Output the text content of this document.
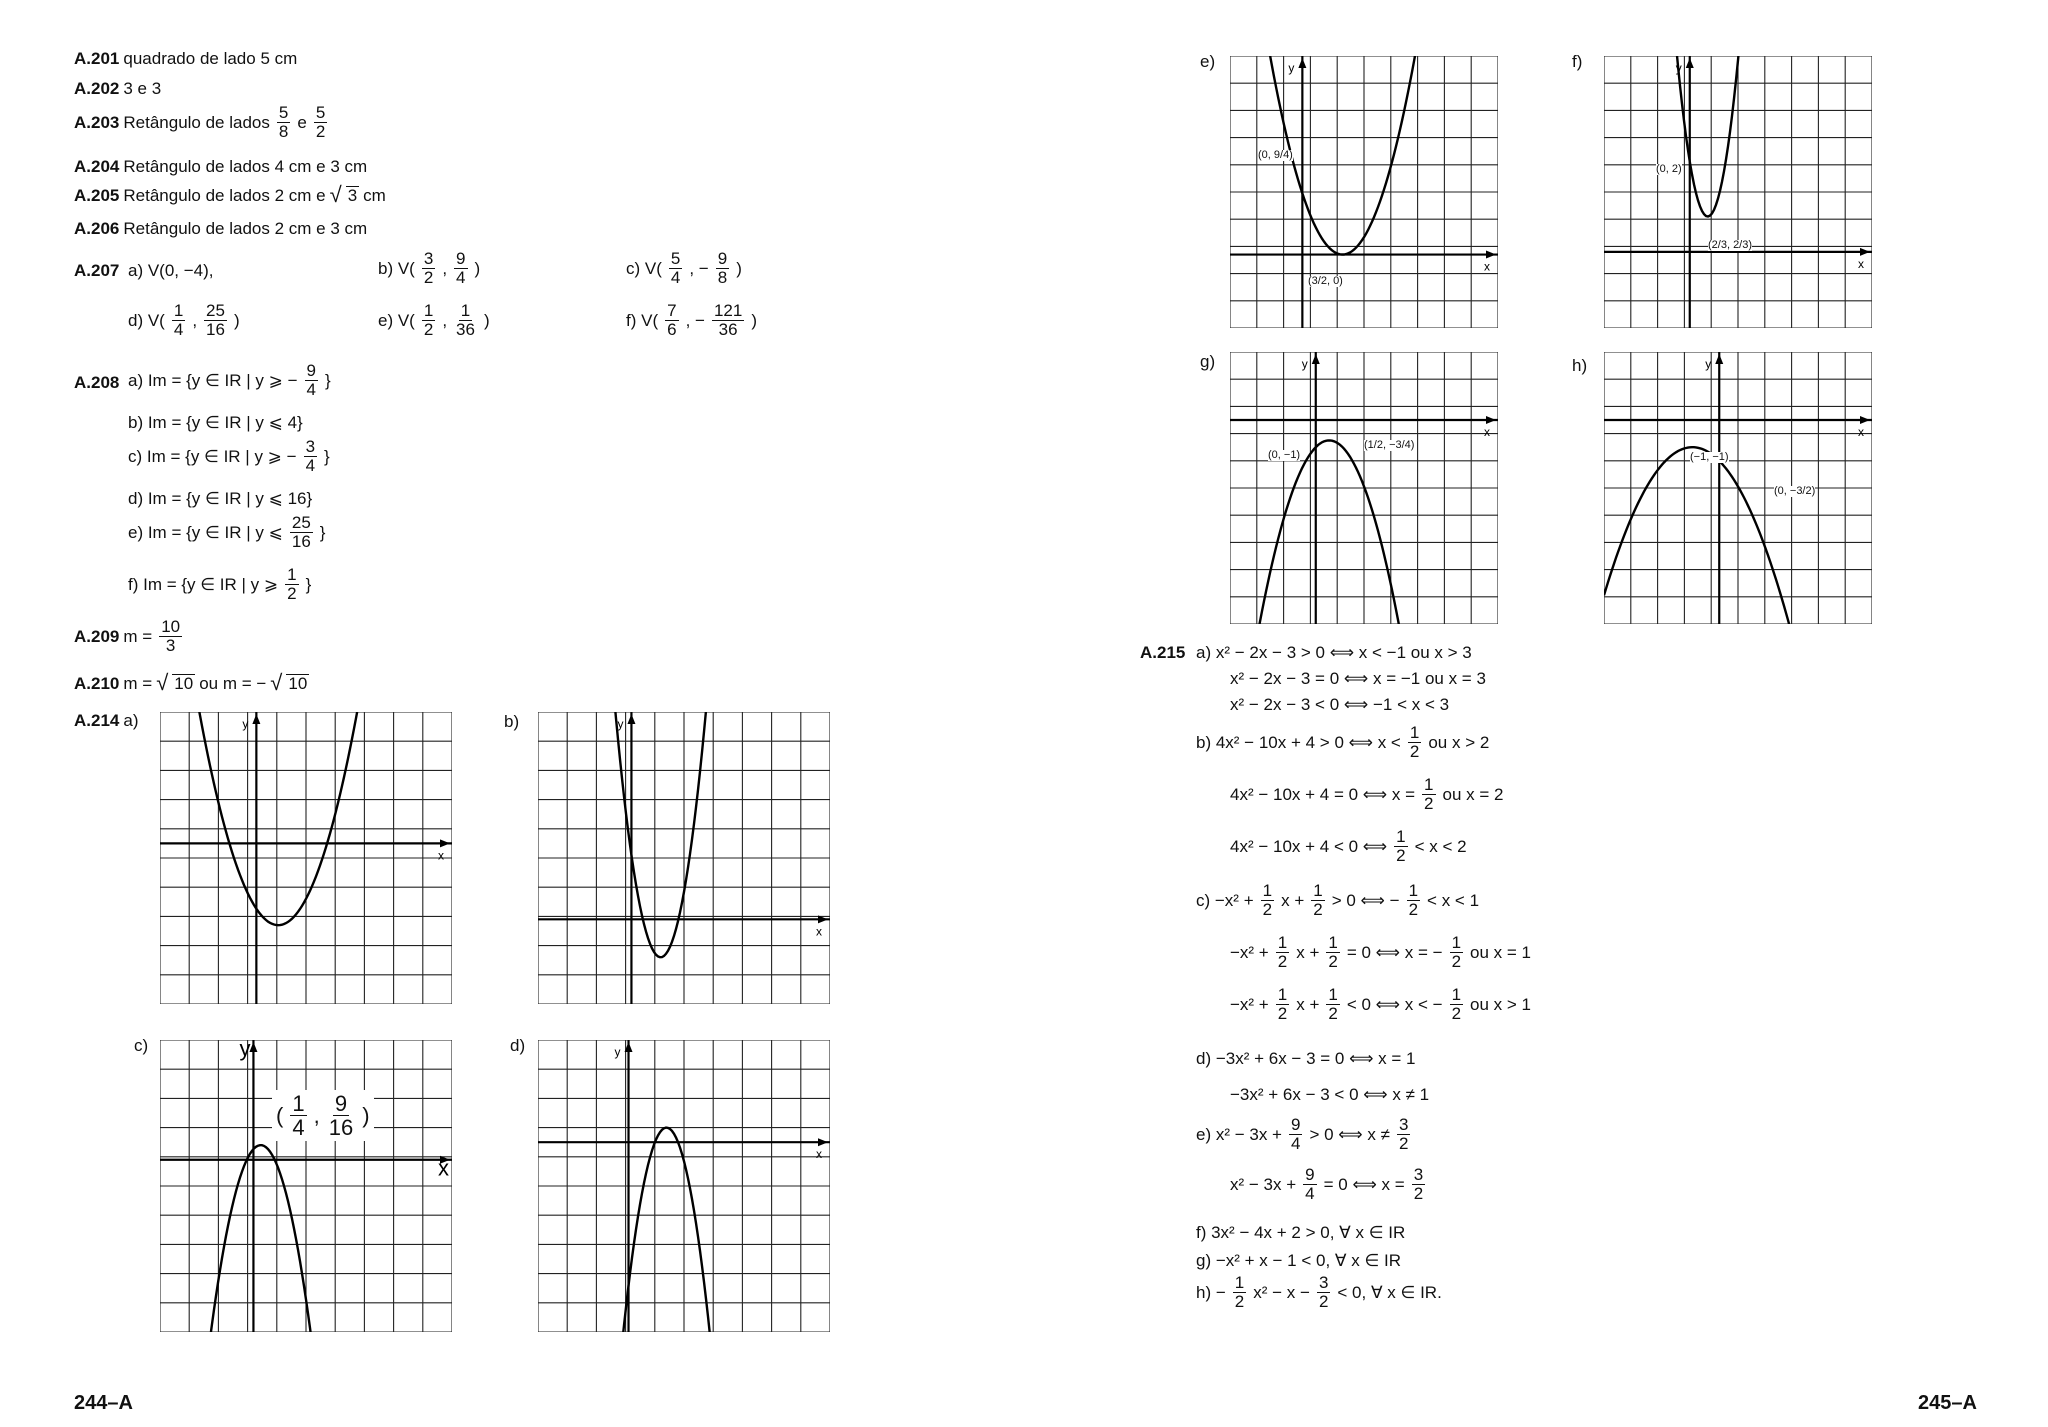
A.201 quadrado de lado 5 cm
A.202 3 e 3
A.203 Retângulo de lados $\frac{5}{8}$ e $\frac{5}{2}$
A.204 Retângulo de lados 4 cm e 3 cm
A.205 Retângulo de lados 2 cm e √ 3 cm
A.206 Retângulo de lados 2 cm e 3 cm
A.207 a) V(0, −4),	b) $V( \frac{3}{2}$ , $\frac{9}{4}$ )	c) $V( \frac{5}{4}$ , − $\frac{9}{8}$ )
d) $V( \frac{1}{4}$ , $\frac{25}{16}$ )	e) $V( \frac{1}{2}$ , $\frac{1}{36}$ )	f) $V( \frac{7}{6}$ , − $\frac{121}{36}$ )
A.208 a) Im = {y ∈ IR | y ⩾ − $\frac{9}{4}$ }
b) Im = {y ∈ IR | y ⩽ 4}
c) Im = {y ∈ IR | y ⩾ − $\frac{3}{4}$ }
d) Im = {y ∈ IR | y ⩽ 16}
e) Im = {y ∈ IR | y ⩽ $\frac{25}{16}$ }
f) Im = {y ∈ IR | y ⩾ $\frac{1}{2}$ }
A.209 $m = \frac{10}{3}$
A.210 m = √ 10 ou m = − √ 10
A.214 a)	b)
c)	d)
x
y
x
y
x
y
x
y
( $\frac{1}{4}$ , $\frac{9}{16}$ )
244–A
e)	f)
g)	h)
x
y
x
y
x
y
x
y
(0, 9/4)
(3/2, 0)
(0, 2)
(2/3, 2/3)
(0, −1)
(1/2, −3/4)
(−1, −1)
(0, −3/2)
A.215 a) x² − 2x − 3 > 0 ⟺ x < −1 ou x > 3
x² − 2x − 3 = 0 ⟺ x = −1 ou x = 3
x² − 2x − 3 < 0 ⟺ −1 < x < 3
b) 4x² − 10x + 4 > 0 ⟺ $x < \frac{1}{2}$ ou x > 2
4x² − 10x + 4 = 0 ⟺ $x = \frac{1}{2}$ ou x = 2
4x² − 10x + 4 < 0 ⟺ $\frac{1}{2} < x < 2$
$c) -x^2 + \frac{1}{2}$ $x + \frac{1}{2} > 0$ ⟺ − $\frac{1}{2} < x < 1$
$-x^2 + \frac{1}{2}$ $x + \frac{1}{2} = 0$ ⟺ x = − $\frac{1}{2}$ ou x = 1
$-x^2 + \frac{1}{2}$ $x + \frac{1}{2} < 0$ ⟺ x < − $\frac{1}{2}$ ou x > 1
d) −3x² + 6x − 3 = 0 ⟺ x = 1
−3x² + 6x − 3 < 0 ⟺ x ≠ 1
e) $x^2 - 3x + \frac{9}{4} > 0$ ⟺ $x \ne \frac{3}{2}$
$x^2 - 3x + \frac{9}{4} = 0$ ⟺ $x = \frac{3}{2}$
f) 3x² − 4x + 2 > 0, ∀ x ∈ IR
g) −x² + x − 1 < 0, ∀ x ∈ IR
$h) - \frac{1}{2} x^2 - x - \frac{3}{2} < 0$, ∀ x ∈ IR.
245–A
